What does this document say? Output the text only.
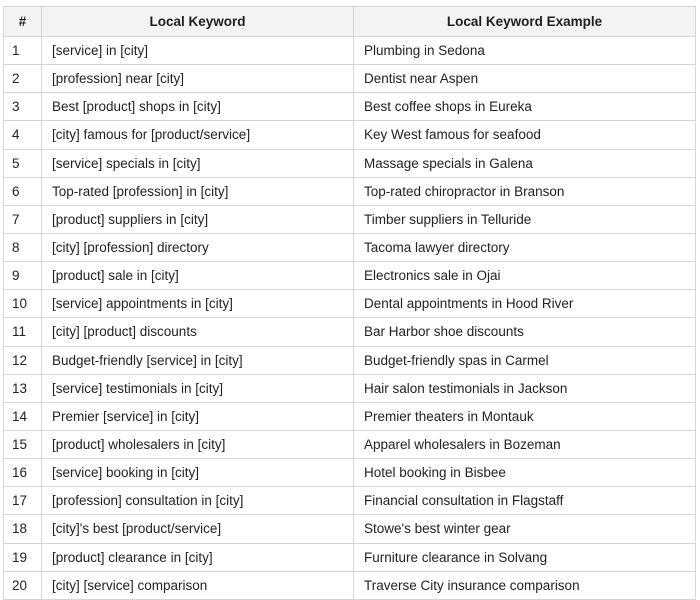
#	Local Keyword	Local Keyword Example
1	[service] in [city]	Plumbing in Sedona
2	[profession] near [city]	Dentist near Aspen
3	Best [product] shops in [city]	Best coffee shops in Eureka
4	[city] famous for [product/service]	Key West famous for seafood
5	[service] specials in [city]	Massage specials in Galena
6	Top-rated [profession] in [city]	Top-rated chiropractor in Branson
7	[product] suppliers in [city]	Timber suppliers in Telluride
8	[city] [profession] directory	Tacoma lawyer directory
9	[product] sale in [city]	Electronics sale in Ojai
10	[service] appointments in [city]	Dental appointments in Hood River
11	[city] [product] discounts	Bar Harbor shoe discounts
12	Budget-friendly [service] in [city]	Budget-friendly spas in Carmel
13	[service] testimonials in [city]	Hair salon testimonials in Jackson
14	Premier [service] in [city]	Premier theaters in Montauk
15	[product] wholesalers in [city]	Apparel wholesalers in Bozeman
16	[service] booking in [city]	Hotel booking in Bisbee
17	[profession] consultation in [city]	Financial consultation in Flagstaff
18	[city]'s best [product/service]	Stowe's best winter gear
19	[product] clearance in [city]	Furniture clearance in Solvang
20	[city] [service] comparison	Traverse City insurance comparison
